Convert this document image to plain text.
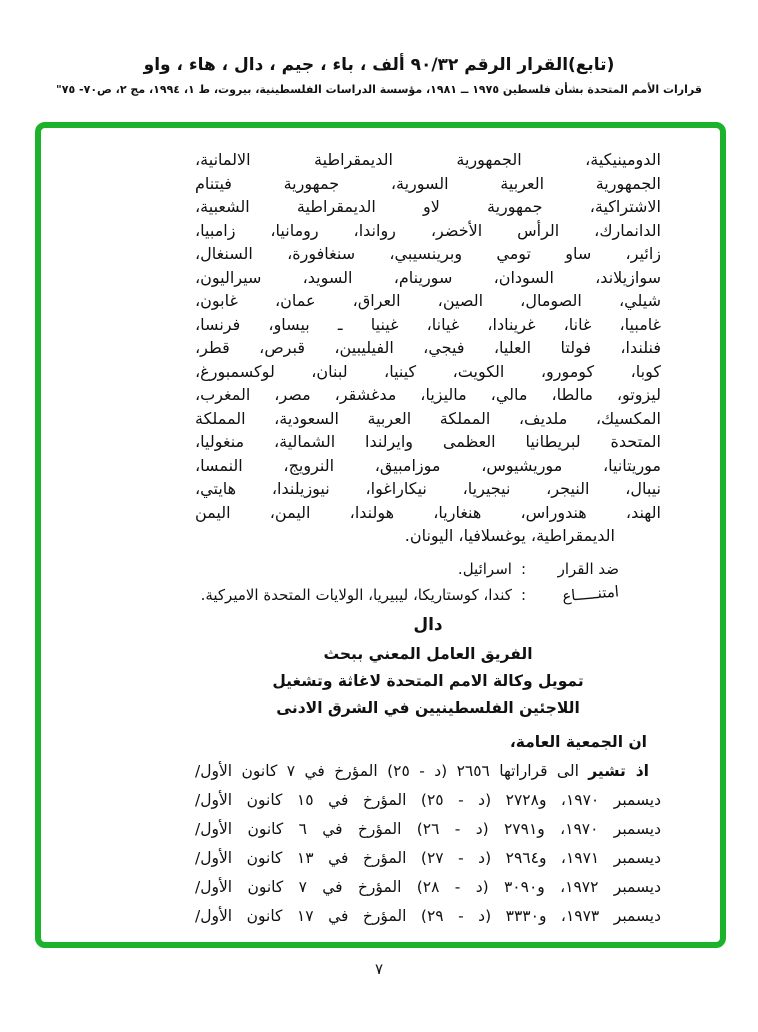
(تابع)القرار الرقم ٩٠/٣٢ ألف ، باء ، جيم ، دال ، هاء ، واو
قرارات الأمم المتحدة بشأن فلسطين ١٩٧٥ ــ ١٩٨١، مؤسسة الدراسات الفلسطينية، بيروت، ط ١، ١٩٩٤، مج ٢، ص٧٠- ٧٥"
الدومينيكية، الجمهورية الديمقراطية الالمانية،
الجمهورية العربية السورية، جمهورية فيتنام
الاشتراكية، جمهورية لاو الديمقراطية الشعبية،
الدانمارك، الرأس الأخضر، رواندا، رومانيا، زامبيا،
زائير، ساو تومي وبرينسيبي، سنغافورة، السنغال،
سوازيلاند، السودان، سورينام، السويد، سيراليون،
شيلي، الصومال، الصين، العراق، عمان، غابون،
غامبيا، غانا، غرينادا، غيانا، غينيا ـ بيساو، فرنسا،
فنلندا، فولتا العليا، فيجي، الفيليبين، قبرص، قطر،
كوبا، كومورو، الكويت، كينيا، لبنان، لوكسمبورغ،
ليزوتو، مالطا، مالي، ماليزيا، مدغشقر، مصر، المغرب،
المكسيك، ملديف، المملكة العربية السعودية، المملكة
المتحدة لبريطانيا العظمى وايرلندا الشمالية، منغوليا،
موريتانيا، موريشيوس، موزامبيق، النرويج، النمسا،
نيبال، النيجر، نيجيريا، نيكاراغوا، نيوزيلندا، هايتي،
الهند، هندوراس، هنغاريا، هولندا، اليمن، اليمن
الديمقراطية، يوغسلافيا، اليونان.
ضد القرار
:
اسرائيل.
امتنـــــاع
:
كندا، كوستاريكا، ليبيريا، الولايات المتحدة الاميركية.
دال
الفريق العامل المعني ببحث
تمويل وكالة الامم المتحدة لاغاثة وتشغيل
اللاجئين الفلسطينيين في الشرق الادنى
ان الجمعية العامة،
اذ تشير الى قراراتها ٢٦٥٦ (د - ٢٥) المؤرخ في ٧ كانون الأول/
ديسمبر ١٩٧٠، و٢٧٢٨ (د - ٢٥) المؤرخ في ١٥ كانون الأول/
ديسمبر ١٩٧٠، و٢٧٩١ (د - ٢٦) المؤرخ في ٦ كانون الأول/
ديسمبر ١٩٧١، و٢٩٦٤ (د - ٢٧) المؤرخ في ١٣ كانون الأول/
ديسمبر ١٩٧٢، و٣٠٩٠ (د - ٢٨) المؤرخ في ٧ كانون الأول/
ديسمبر ١٩٧٣، و٣٣٣٠ (د - ٢٩) المؤرخ في ١٧ كانون الأول/
٧
